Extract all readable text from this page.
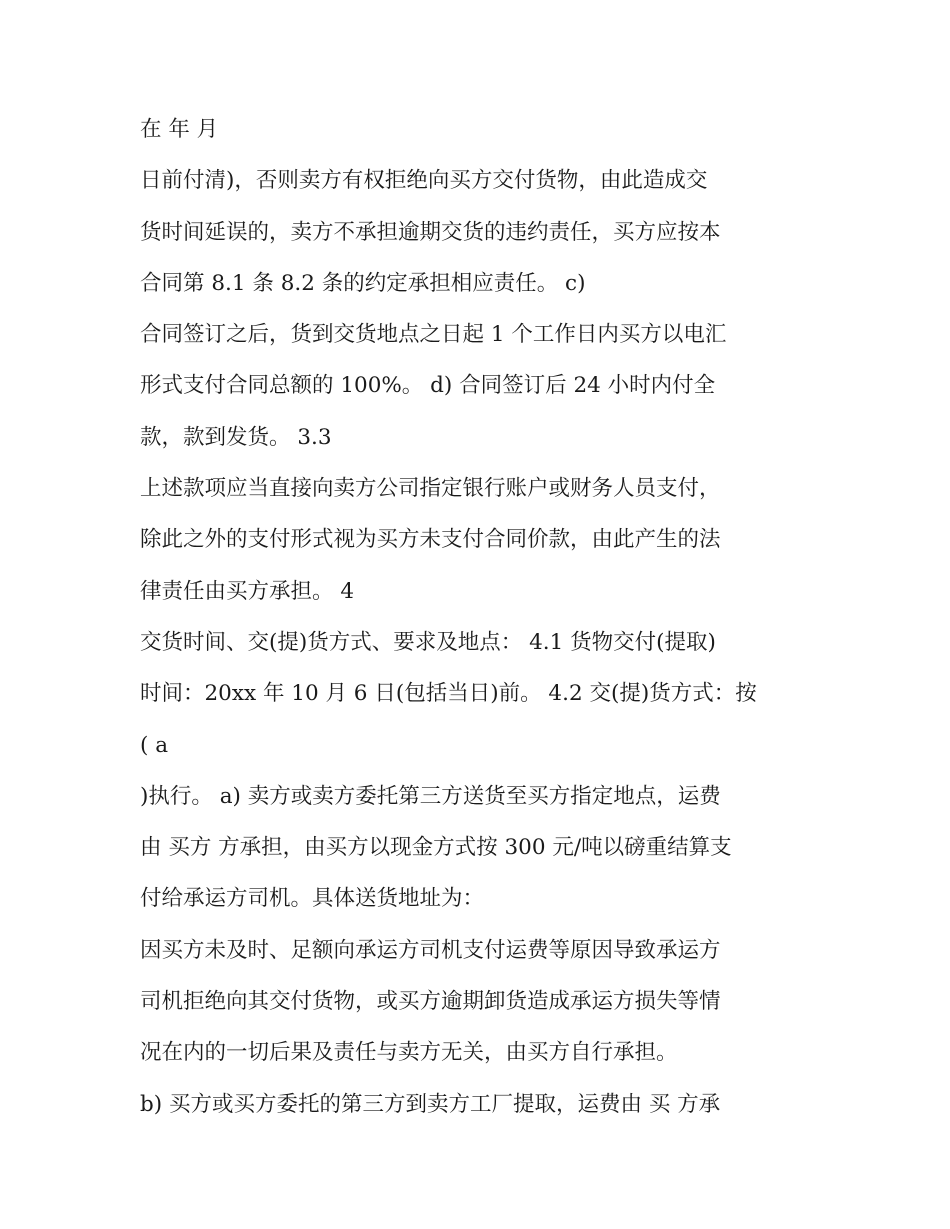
在 年 月
日前付清)，否则卖方有权拒绝向买方交付货物，由此造成交
货时间延误的，卖方不承担逾期交货的违约责任，买方应按本
合同第 8.1 条 8.2 条的约定承担相应责任。 c)
合同签订之后，货到交货地点之日起 1 个工作日内买方以电汇
形式支付合同总额的 100%。 d) 合同签订后 24 小时内付全
款，款到发货。 3.3
上述款项应当直接向卖方公司指定银行账户或财务人员支付，
除此之外的支付形式视为买方未支付合同价款，由此产生的法
律责任由买方承担。 4
交货时间、交(提)货方式、要求及地点： 4.1 货物交付(提取)
时间：20xx 年 10 月 6 日(包括当日)前。 4.2 交(提)货方式：按
( a
)执行。 a) 卖方或卖方委托第三方送货至买方指定地点，运费
由 买方 方承担，由买方以现金方式按 300 元/吨以磅重结算支
付给承运方司机。具体送货地址为：
因买方未及时、足额向承运方司机支付运费等原因导致承运方
司机拒绝向其交付货物，或买方逾期卸货造成承运方损失等情
况在内的一切后果及责任与卖方无关，由买方自行承担。
b) 买方或买方委托的第三方到卖方工厂提取，运费由 买 方承
